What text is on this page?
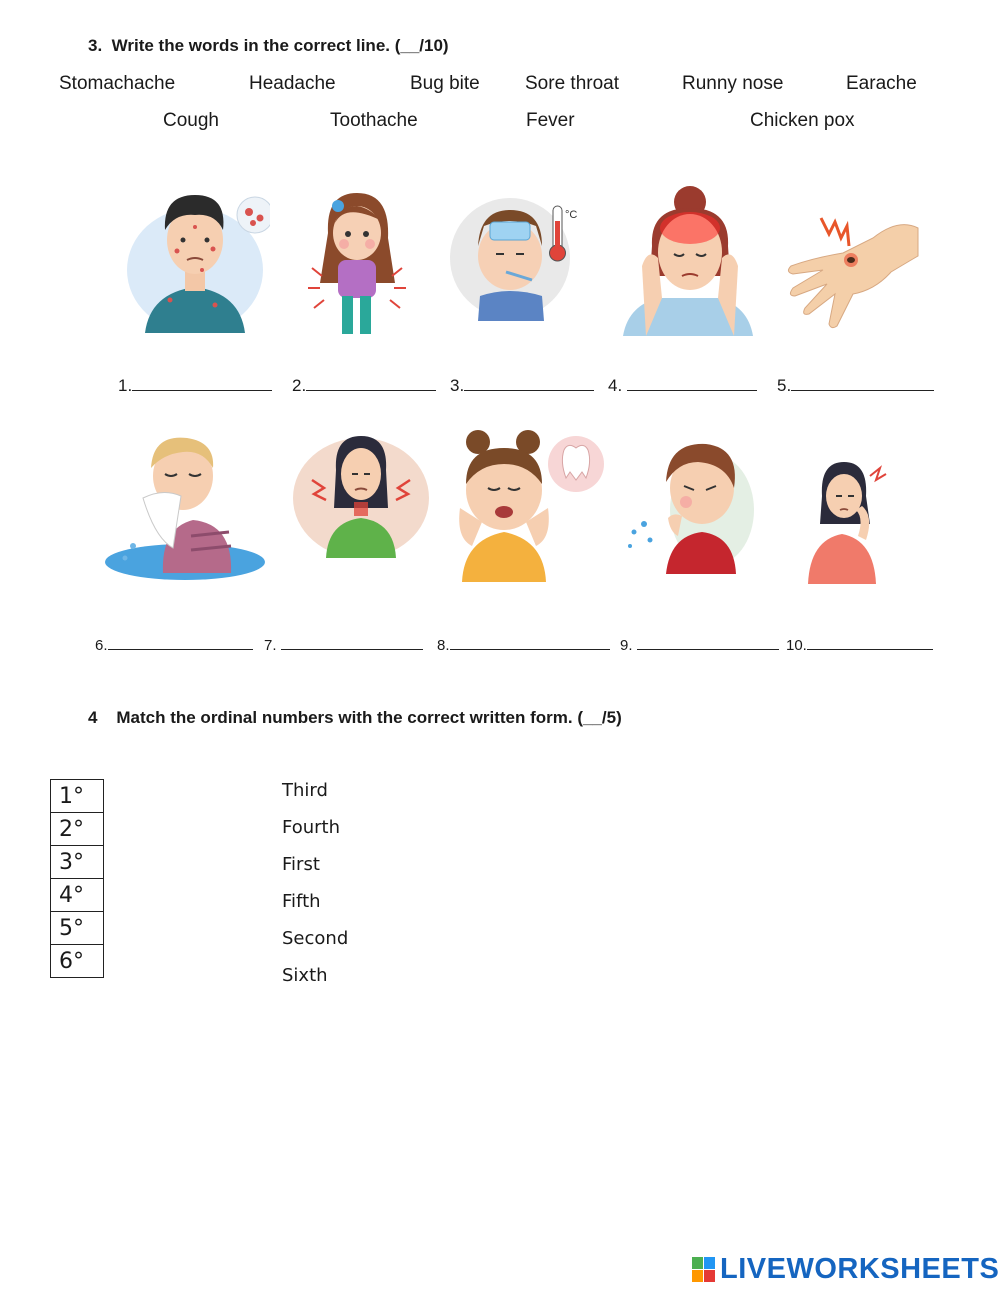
3. Write the words in the correct line. (__/10)
Stomachache	Headache	Bug bite Sore throat	Runny nose	Earache
Cough	Toothache	Fever	Chicken pox
°C
1.	2.	3.	4.	5.
6.	7.	8.	9.	10.
4 Match the ordinal numbers with the correct written form. (__/5)
1°
2°
3°
4°
5°
6°
Third
Fourth
First
Fifth
Second
Sixth
LIVEWORKSHEETS
